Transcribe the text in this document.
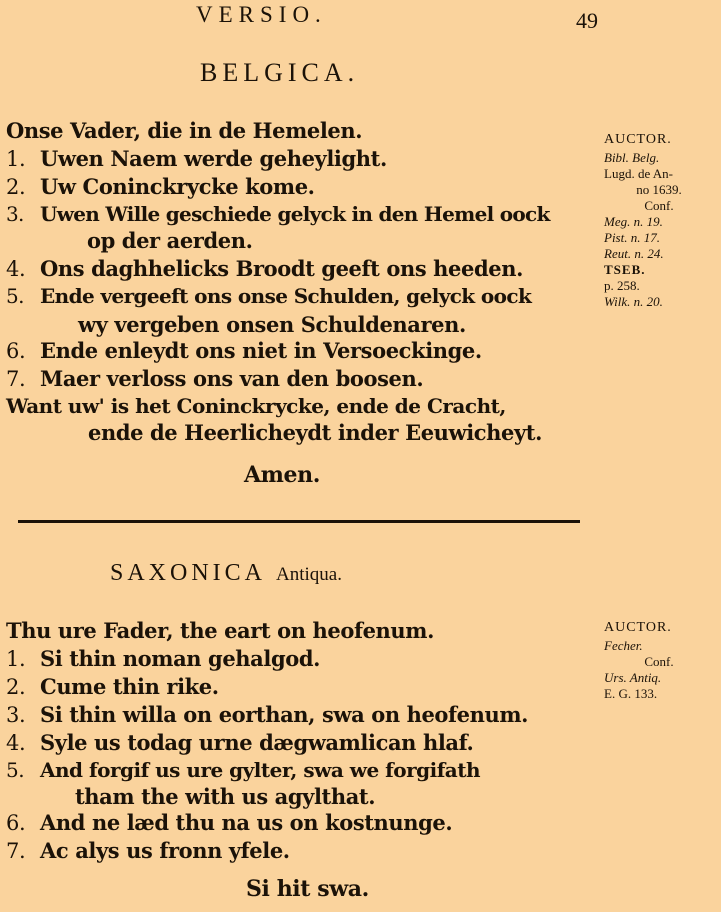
VERSIO.	49
BELGICA.
Onse Vader, die in de Hemelen.
1. Uwen Naem werde geheylight.
2. Uw Coninckrycke kome.
3. Uwen Wille geschiede gelyck in den Hemel oock
op der aerden.
4. Ons daghhelicks Broodt geeft ons heeden.
5. Ende vergeeft ons onse Schulden, gelyck oock
wy vergeben onsen Schuldenaren.
6. Ende enleydt ons niet in Versoeckinge.
7. Maer verloss ons van den boosen.
Want uw' is het Coninckrycke, ende de Cracht,
ende de Heerlicheydt inder Eeuwicheyt.
Amen.
AUCTOR.
Bibl. Belg.
Lugd. de An-
no 1639.
Conf.
Meg. n. 19.
Pist. n. 17.
Reut. n. 24.
TSEB.
p. 258.
Wilk. n. 20.
SAXONICA Antiqua.
Thu ure Fader, the eart on heofenum.
1. Si thin noman gehalgod.
2. Cume thin rike.
3. Si thin willa on eorthan, swa on heofenum.
4. Syle us todag urne dægwamlican hlaf.
5. And forgif us ure gylter, swa we forgifath
tham the with us agylthat.
6. And ne læd thu na us on kostnunge.
7. Ac alys us fronn yfele.
Si hit swa.
AUCTOR.
Fecher.
Conf.
Urs. Antiq.
E. G. 133.
